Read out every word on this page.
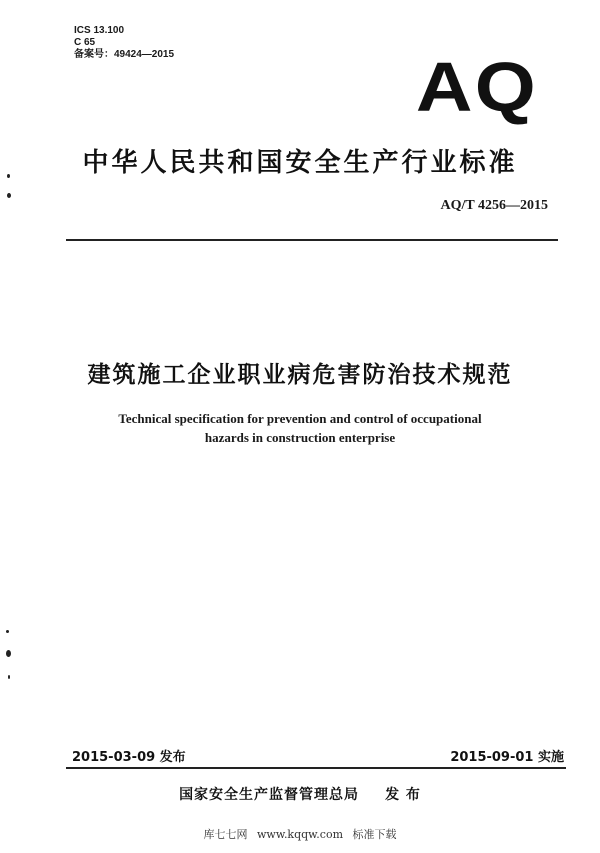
ICS 13.100
C 65
备案号：49424—2015	AQ
中华人民共和国安全生产行业标准
AQ/T 4256—2015
建筑施工企业职业病危害防治技术规范
Technical specification for prevention and control of occupational
hazards in construction enterprise
2015-03-09 发布	2015-09-01 实施
国家安全生产监督管理总局 发 布
库七七网 www.kqqw.com 标准下载
